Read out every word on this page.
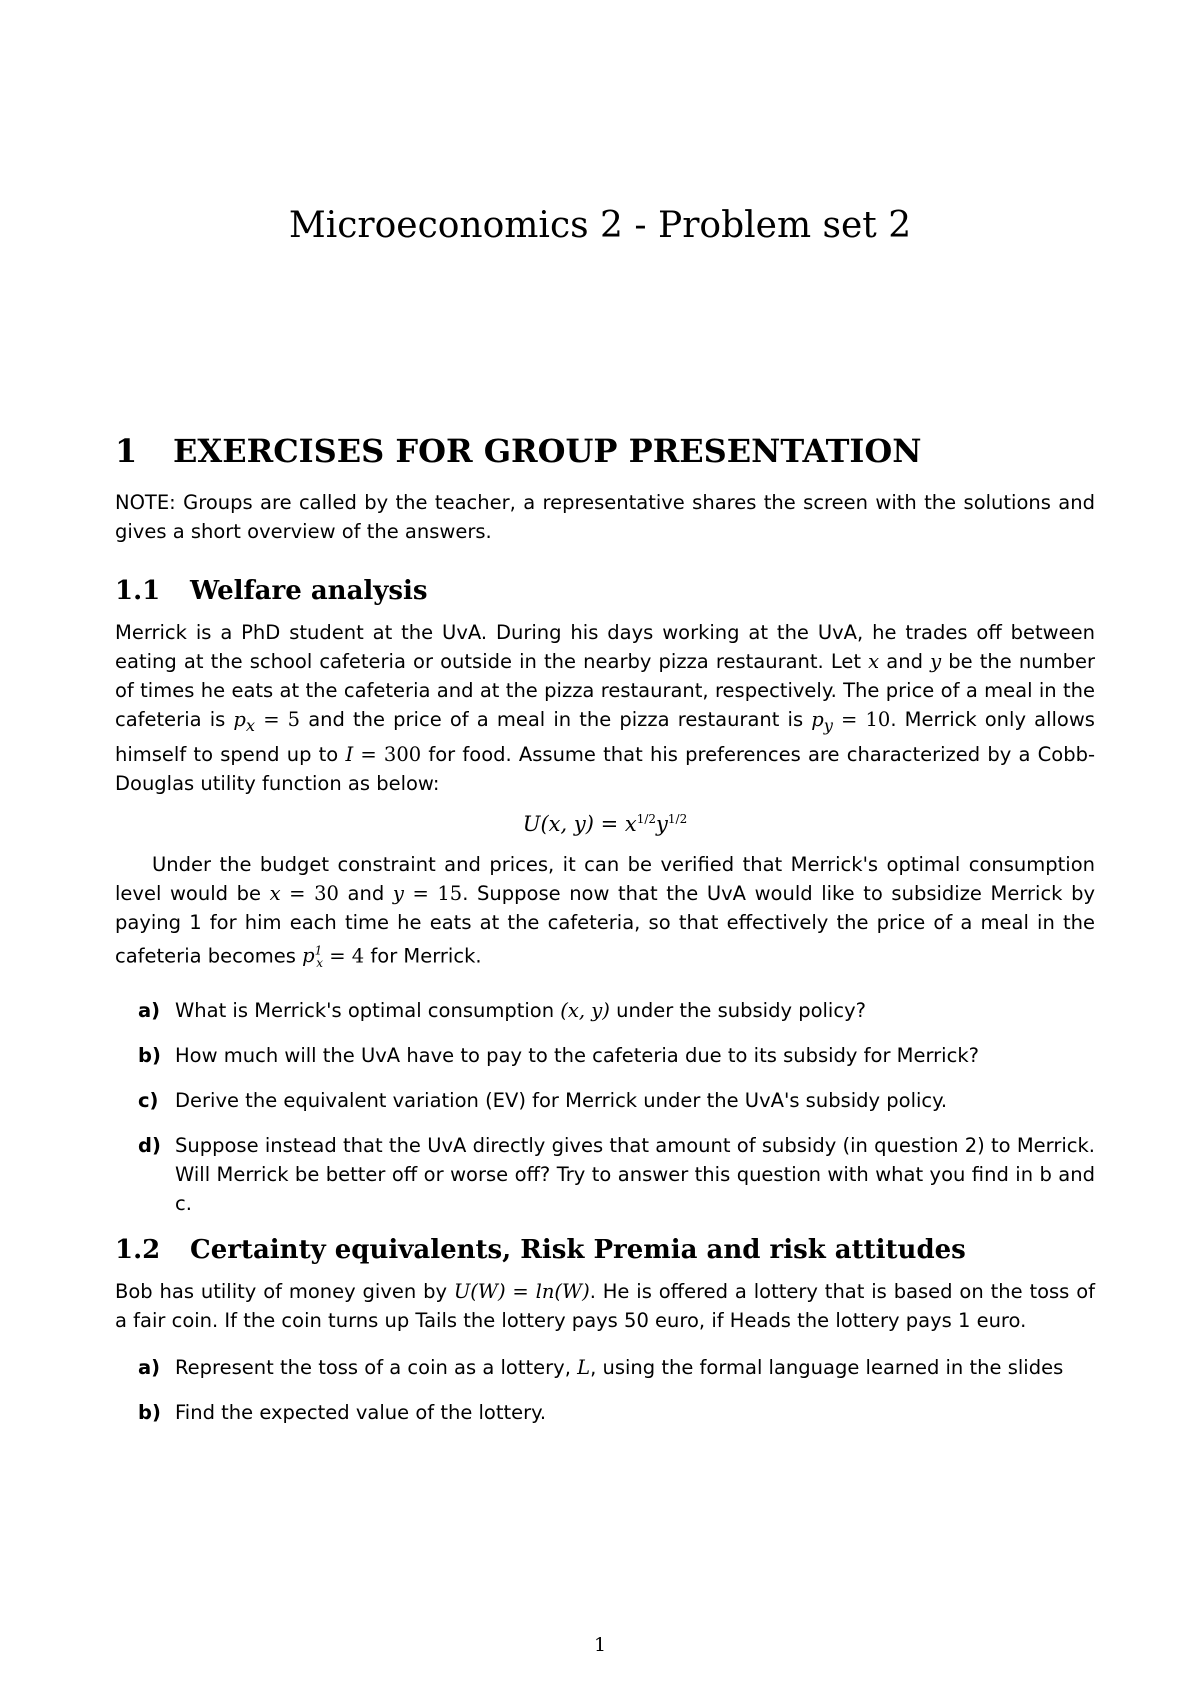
Microeconomics 2 - Problem set 2
1 EXERCISES FOR GROUP PRESENTATION

NOTE: Groups are called by the teacher, a representative shares the screen with the solutions and gives a short overview of the answers.

1.1 Welfare analysis

Merrick is a PhD student at the UvA. During his days working at the UvA, he trades off between eating at the school cafeteria or outside in the nearby pizza restaurant. Let x and y be the number of times he eats at the cafeteria and at the pizza restaurant, respectively. The price of a meal in the cafeteria is $p_x = 5$ and the price of a meal in the pizza restaurant is $p_y = 10$. Merrick only allows himself to spend up to I = 300 for food. Assume that his preferences are characterized by a Cobb-Douglas utility function as below:

U(x, $y) = x^{1/2}y^{1/2}$

Under the budget constraint and prices, it can be verified that Merrick's optimal consumption level would be x = 30 and y = 15. Suppose now that the UvA would like to subsidize Merrick by paying 1 for him each time he eats at the cafeteria, so that effectively the price of a meal in the cafeteria becomes $p^1_x = 4$ for Merrick.

a) What is Merrick's optimal consumption (x, y) under the subsidy policy?
b) How much will the UvA have to pay to the cafeteria due to its subsidy for Merrick?
c) Derive the equivalent variation (EV) for Merrick under the UvA's subsidy policy.
d) Suppose instead that the UvA directly gives that amount of subsidy (in question 2) to Merrick. Will Merrick be better off or worse off? Try to answer this question with what you find in b and c.
1.2 Certainty equivalents, Risk Premia and risk attitudes

Bob has utility of money given by U(W) = ln(W). He is offered a lottery that is based on the toss of a fair coin. If the coin turns up Tails the lottery pays 50 euro, if Heads the lottery pays 1 euro.

a) Represent the toss of a coin as a lottery, L, using the formal language learned in the slides
b) Find the expected value of the lottery.
1
